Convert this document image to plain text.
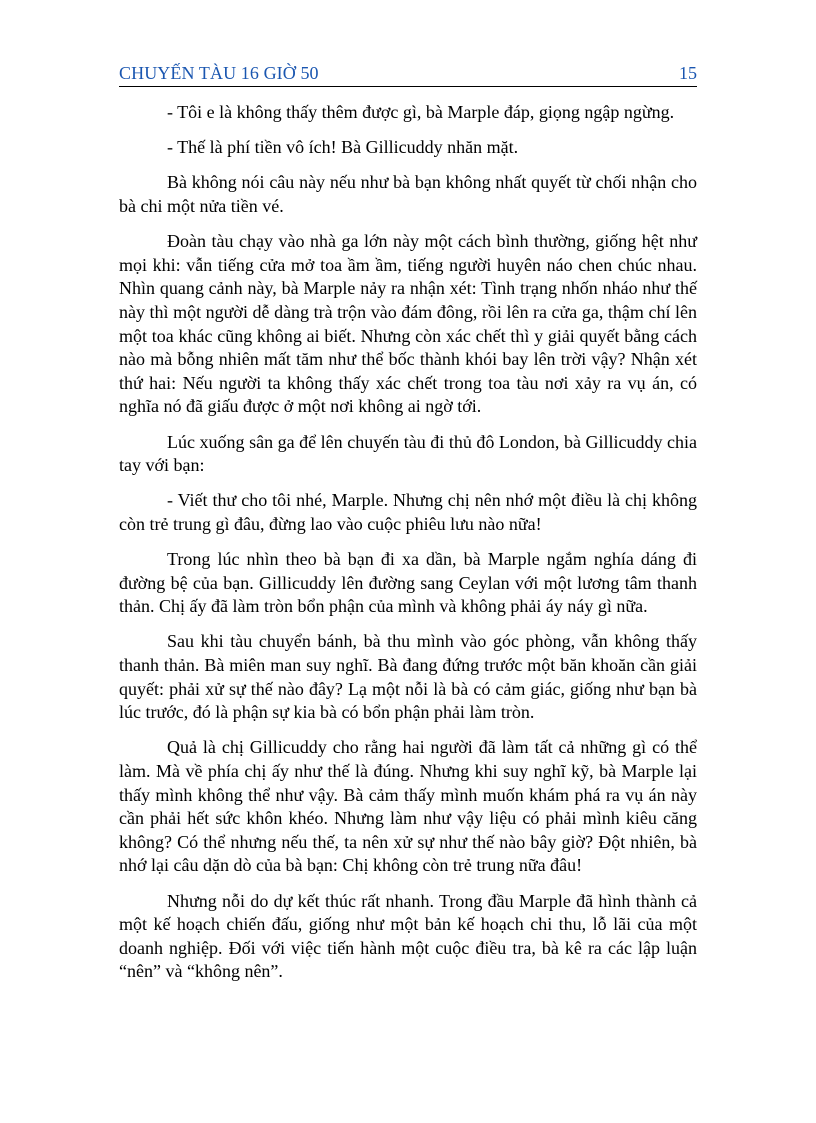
CHUYẾN TÀU 16 GIỜ 50	15

- Tôi e là không thấy thêm được gì, bà Marple đáp, giọng ngập ngừng.

- Thế là phí tiền vô ích! Bà Gillicuddy nhăn mặt.

Bà không nói câu này nếu như bà bạn không nhất quyết từ chối nhận cho bà chi một nửa tiền vé.

Đoàn tàu chạy vào nhà ga lớn này một cách bình thường, giống hệt như mọi khi: vẫn tiếng cửa mở toa ầm ầm, tiếng người huyên náo chen chúc nhau. Nhìn quang cảnh này, bà Marple nảy ra nhận xét: Tình trạng nhốn nháo như thế này thì một người dễ dàng trà trộn vào đám đông, rồi lên ra cửa ga, thậm chí lên một toa khác cũng không ai biết. Nhưng còn xác chết thì y giải quyết bằng cách nào mà bỗng nhiên mất tăm như thể bốc thành khói bay lên trời vậy? Nhận xét thứ hai: Nếu người ta không thấy xác chết trong toa tàu nơi xảy ra vụ án, có nghĩa nó đã giấu được ở một nơi không ai ngờ tới.

Lúc xuống sân ga để lên chuyến tàu đi thủ đô London, bà Gillicuddy chia tay với bạn:

- Viết thư cho tôi nhé, Marple. Nhưng chị nên nhớ một điều là chị không còn trẻ trung gì đâu, đừng lao vào cuộc phiêu lưu nào nữa!

Trong lúc nhìn theo bà bạn đi xa dần, bà Marple ngắm nghía dáng đi đường bệ của bạn. Gillicuddy lên đường sang Ceylan với một lương tâm thanh thản. Chị ấy đã làm tròn bổn phận của mình và không phải áy náy gì nữa.

Sau khi tàu chuyển bánh, bà thu mình vào góc phòng, vẫn không thấy thanh thản. Bà miên man suy nghĩ. Bà đang đứng trước một băn khoăn cần giải quyết: phải xử sự thế nào đây? Lạ một nỗi là bà có cảm giác, giống như bạn bà lúc trước, đó là phận sự kia bà có bổn phận phải làm tròn.

Quả là chị Gillicuddy cho rằng hai người đã làm tất cả những gì có thể làm. Mà về phía chị ấy như thế là đúng. Nhưng khi suy nghĩ kỹ, bà Marple lại thấy mình không thể như vậy. Bà cảm thấy mình muốn khám phá ra vụ án này cần phải hết sức khôn khéo. Nhưng làm như vậy liệu có phải mình kiêu căng không? Có thể nhưng nếu thế, ta nên xử sự như thế nào bây giờ? Đột nhiên, bà nhớ lại câu dặn dò của bà bạn: Chị không còn trẻ trung nữa đâu!

Nhưng nỗi do dự kết thúc rất nhanh. Trong đầu Marple đã hình thành cả một kế hoạch chiến đấu, giống như một bản kế hoạch chi thu, lỗ lãi của một doanh nghiệp. Đối với việc tiến hành một cuộc điều tra, bà kê ra các lập luận “nên” và “không nên”.
